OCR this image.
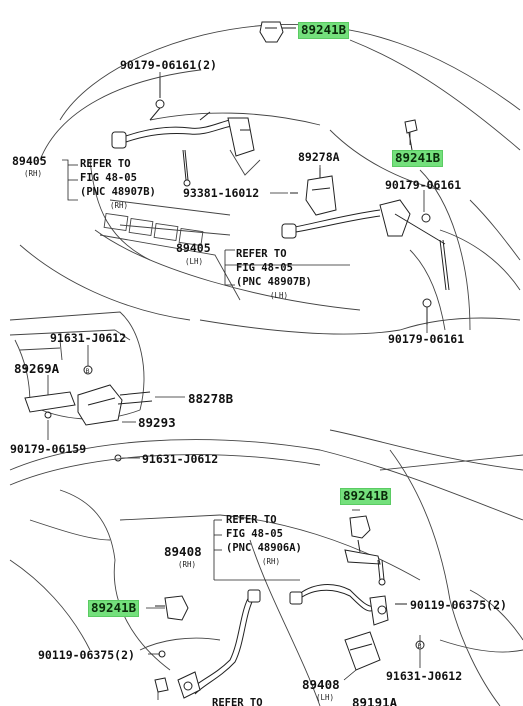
B
B
89241B
90179-06161(2)
89405
(RH)
REFER TO
FIG 48-05
(PNC 48907B)
(RH)
89278A	89241B
93381-16012
90179-06161
89405
(LH)
REFER TO
FIG 48-05
(PNC 48907B)
(LH)
90179-06161
91631-J0612
89269A
88278B
89293
90179-06159
91631-J0612
89241B
REFER TO
FIG 48-05
(PNC 48906A)
(RH)
89408
(RH)
89241B	90119-06375(2)
90119-06375(2)
91631-J0612
89408
(LH) 89191A
REFER TO
